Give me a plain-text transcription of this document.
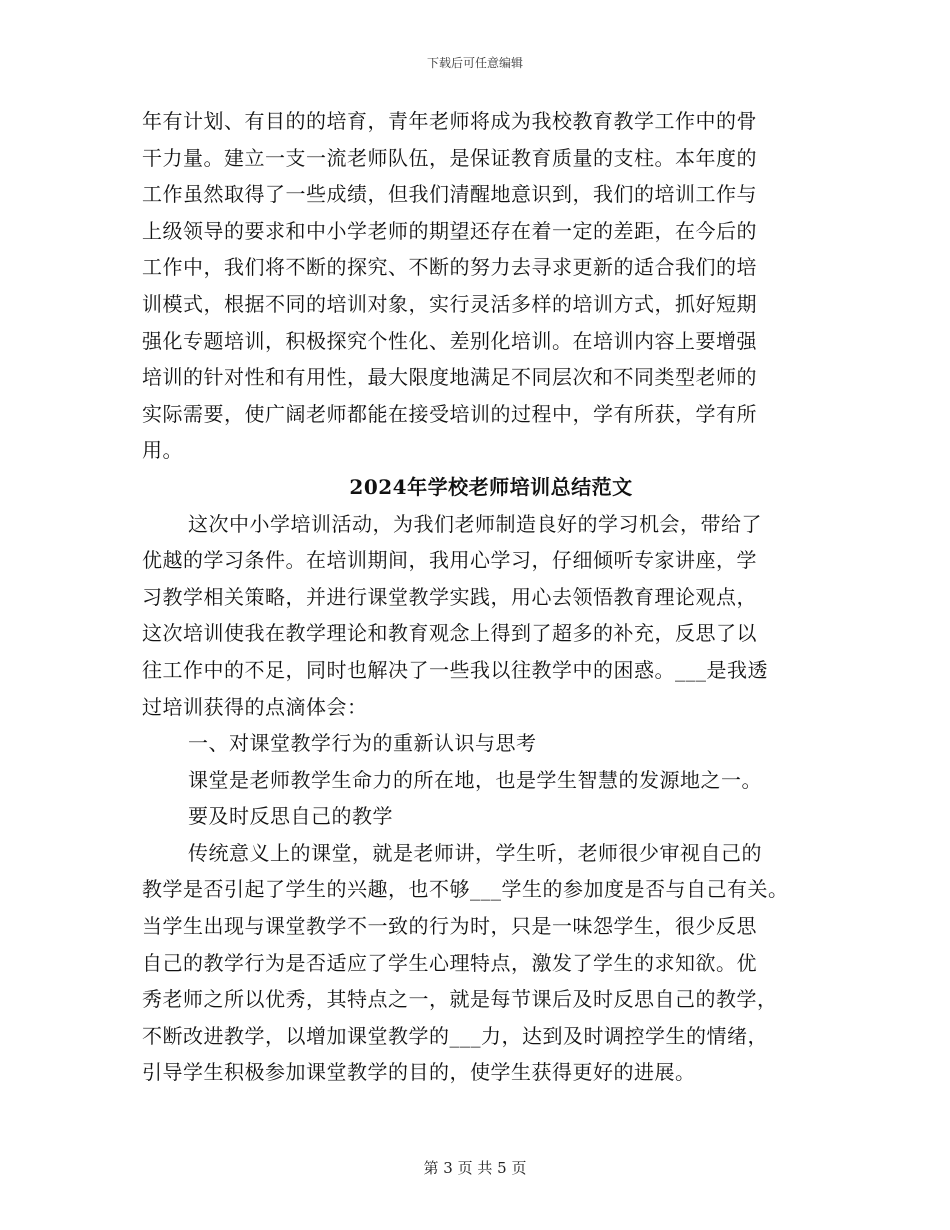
下载后可任意编辑
年有计划、有目的的培育，青年老师将成为我校教育教学工作中的骨
干力量。建立一支一流老师队伍，是保证教育质量的支柱。本年度的
工作虽然取得了一些成绩，但我们清醒地意识到，我们的培训工作与
上级领导的要求和中小学老师的期望还存在着一定的差距，在今后的
工作中，我们将不断的探究、不断的努力去寻求更新的适合我们的培
训模式，根据不同的培训对象，实行灵活多样的培训方式，抓好短期
强化专题培训，积极探究个性化、差别化培训。在培训内容上要增强
培训的针对性和有用性，最大限度地满足不同层次和不同类型老师的
实际需要，使广阔老师都能在接受培训的过程中，学有所获，学有所
用。
2024年学校老师培训总结范文
这次中小学培训活动，为我们老师制造良好的学习机会，带给了
优越的学习条件。在培训期间，我用心学习，仔细倾听专家讲座，学
习教学相关策略，并进行课堂教学实践，用心去领悟教育理论观点，
这次培训使我在教学理论和教育观念上得到了超多的补充，反思了以
往工作中的不足，同时也解决了一些我以往教学中的困惑。___是我透
过培训获得的点滴体会：
一、对课堂教学行为的重新认识与思考
课堂是老师教学生命力的所在地，也是学生智慧的发源地之一。
要及时反思自己的教学
传统意义上的课堂，就是老师讲，学生听，老师很少审视自己的
教学是否引起了学生的兴趣，也不够___学生的参加度是否与自己有关。
当学生出现与课堂教学不一致的行为时，只是一味怨学生，很少反思
自己的教学行为是否适应了学生心理特点，激发了学生的求知欲。优
秀老师之所以优秀，其特点之一，就是每节课后及时反思自己的教学，
不断改进教学，以增加课堂教学的___力，达到及时调控学生的情绪，
引导学生积极参加课堂教学的目的，使学生获得更好的进展。
第 3 页 共 5 页
